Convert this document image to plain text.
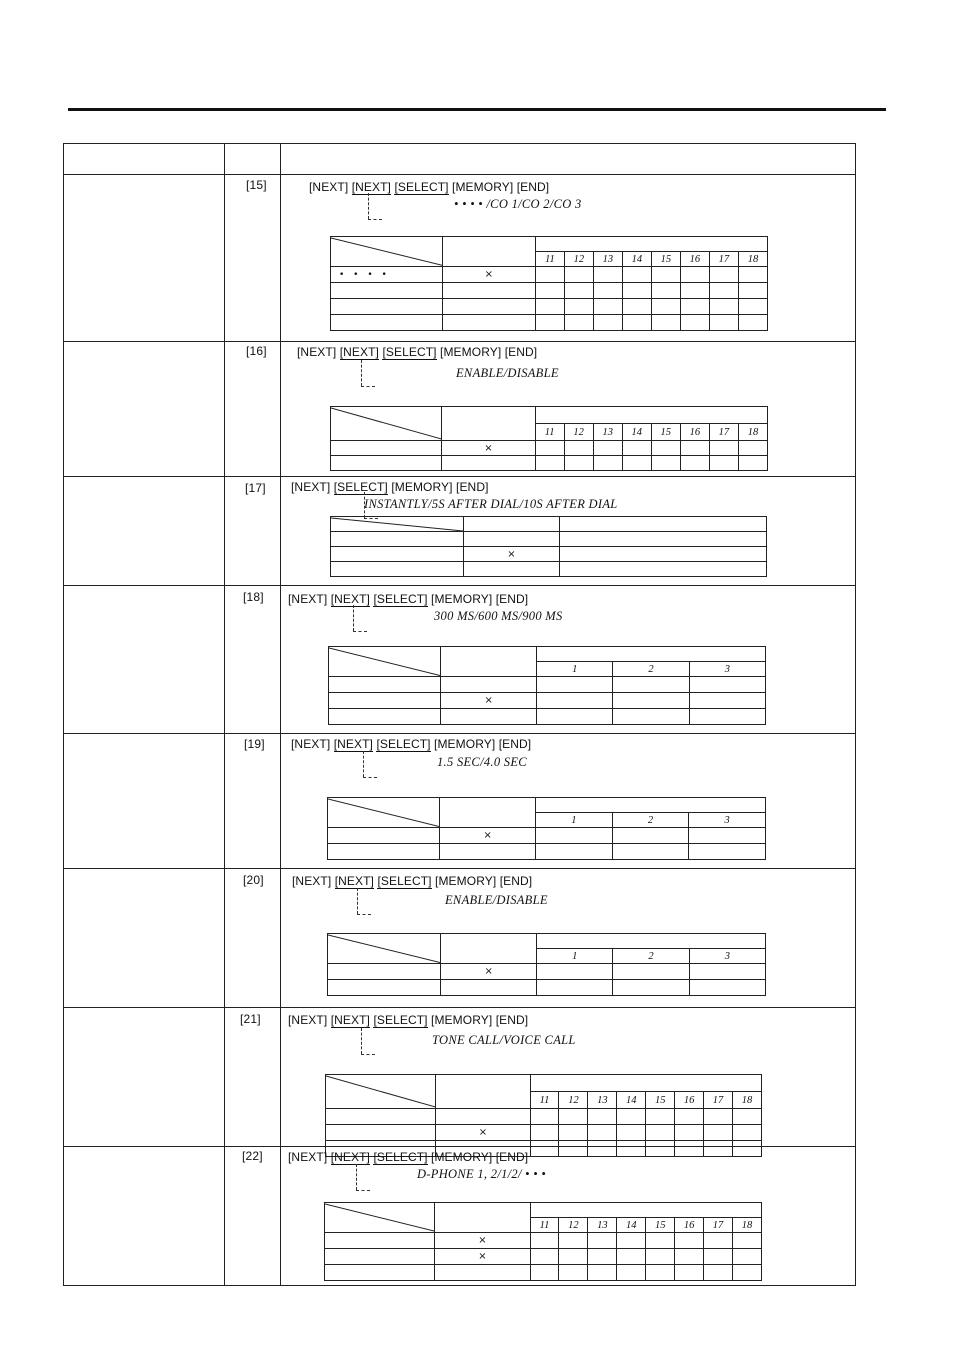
[15]	[NEXT] [NEXT] [SELECT] [MEMORY] [END]
• • • • /CO 1/CO 2/CO 3

		11	12	13	14	15	16	17	18
• • • •	×								

[16]	[NEXT] [NEXT] [SELECT] [MEMORY] [END]
ENABLE/DISABLE

		11	12	13	14	15	16	17	18
	×								

[17] [NEXT] [SELECT] [MEMORY] [END]
INSTANTLY/5S AFTER DIAL/10S AFTER DIAL

	×	

[18] [NEXT] [NEXT] [SELECT] [MEMORY] [END]
300 MS/600 MS/900 MS

		1	2	3

	×			

[19] [NEXT] [NEXT] [SELECT] [MEMORY] [END]
1.5 SEC/4.0 SEC

		1	2	3
	×			

[20] [NEXT] [NEXT] [SELECT] [MEMORY] [END]
ENABLE/DISABLE

		1	2	3
	×			

[21] [NEXT] [NEXT] [SELECT] [MEMORY] [END]
TONE CALL/VOICE CALL

		11	12	13	14	15	16	17	18

	×								

[22] [NEXT] [NEXT] [SELECT] [MEMORY] [END]
D-PHONE 1, 2/1/2/ • • •

		11	12	13	14	15	16	17	18
	×								
	×								
